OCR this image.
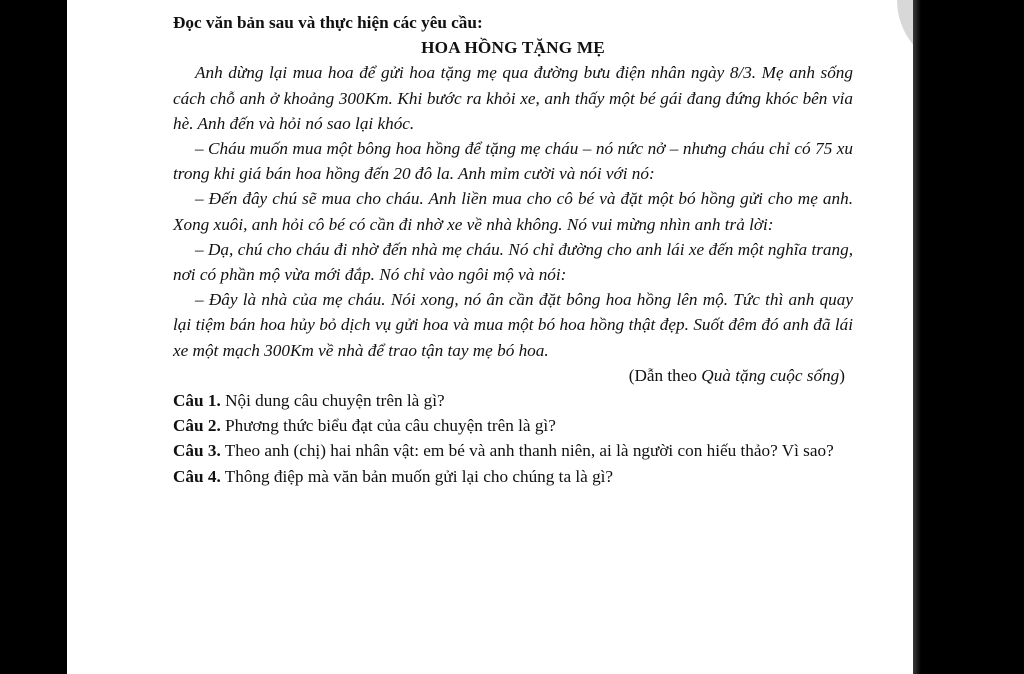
Đọc văn bản sau và thực hiện các yêu cầu:

HOA HỒNG TẶNG MẸ

Anh dừng lại mua hoa để gửi hoa tặng mẹ qua đường bưu điện nhân ngày 8/3. Mẹ anh sống cách chỗ anh ở khoảng 300Km. Khi bước ra khỏi xe, anh thấy một bé gái đang đứng khóc bên vỉa hè. Anh đến và hỏi nó sao lại khóc.

– Cháu muốn mua một bông hoa hồng để tặng mẹ cháu – nó nức nở – nhưng cháu chỉ có 75 xu trong khi giá bán hoa hồng đến 20 đô la. Anh mỉm cười và nói với nó:

– Đến đây chú sẽ mua cho cháu. Anh liền mua cho cô bé và đặt một bó hồng gửi cho mẹ anh. Xong xuôi, anh hỏi cô bé có cần đi nhờ xe về nhà không. Nó vui mừng nhìn anh trả lời:

– Dạ, chú cho cháu đi nhờ đến nhà mẹ cháu. Nó chỉ đường cho anh lái xe đến một nghĩa trang, nơi có phần mộ vừa mới đắp. Nó chỉ vào ngôi mộ và nói:

– Đây là nhà của mẹ cháu. Nói xong, nó ân cần đặt bông hoa hồng lên mộ. Tức thì anh quay lại tiệm bán hoa hủy bỏ dịch vụ gửi hoa và mua một bó hoa hồng thật đẹp. Suốt đêm đó anh đã lái xe một mạch 300Km về nhà để trao tận tay mẹ bó hoa.

(Dẫn theo Quà tặng cuộc sống)

Câu 1. Nội dung câu chuyện trên là gì?

Câu 2. Phương thức biểu đạt của câu chuyện trên là gì?

Câu 3. Theo anh (chị) hai nhân vật: em bé và anh thanh niên, ai là người con hiếu thảo? Vì sao?

Câu 4. Thông điệp mà văn bản muốn gửi lại cho chúng ta là gì?
